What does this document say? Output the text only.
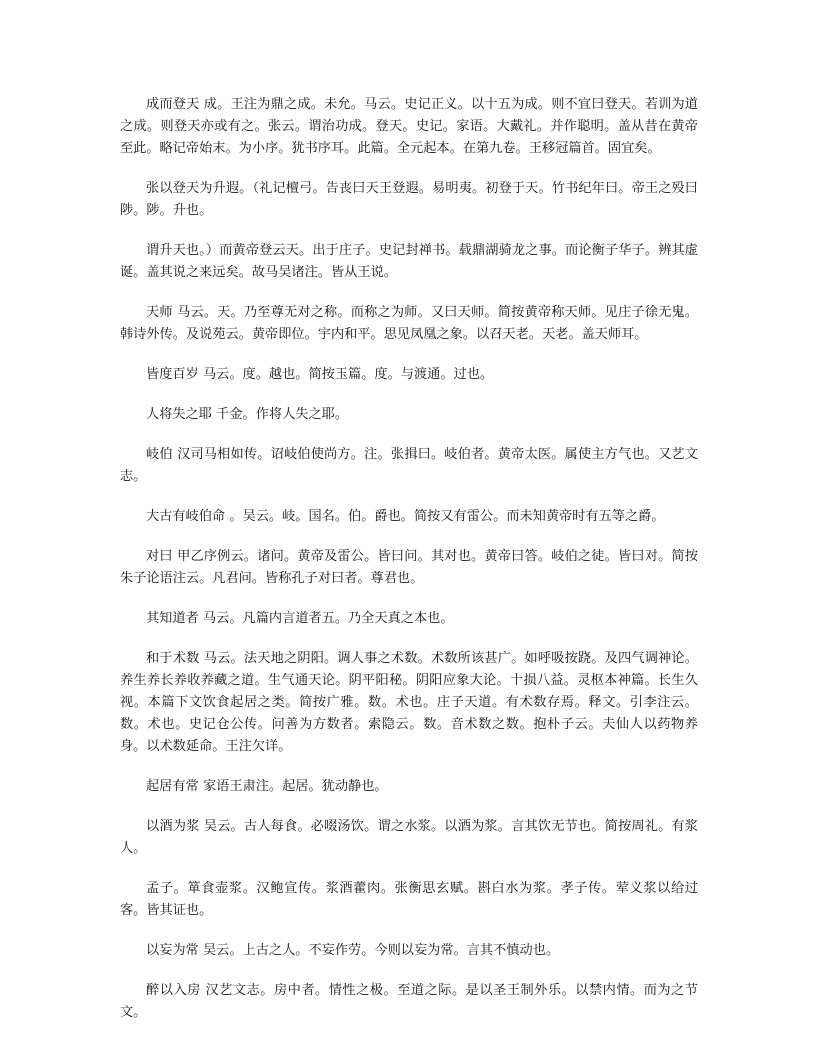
成而登天 成。王注为鼎之成。未允。马云。史记正义。以十五为成。则不宜曰登天。若训为道之成。则登天亦或有之。张云。谓治功成。登天。史记。家语。大戴礼。并作聪明。盖从昔在黄帝至此。略记帝始末。为小序。犹书序耳。此篇。全元起本。在第九卷。王移冠篇首。固宜矣。

张以登天为升遐。（礼记檀弓。告丧曰天王登遐。易明夷。初登于天。竹书纪年曰。帝王之殁曰陟。陟。升也。

谓升天也。）而黄帝登云天。出于庄子。史记封禅书。载鼎湖骑龙之事。而论衡子华子。辨其虚诞。盖其说之来远矣。故马吴诸注。皆从王说。

天师 马云。天。乃至尊无对之称。而称之为师。又曰天师。简按黄帝称天师。见庄子徐无鬼。韩诗外传。及说苑云。黄帝即位。宇内和平。思见凤凰之象。以召天老。天老。盖天师耳。

皆度百岁 马云。度。越也。简按玉篇。度。与渡通。过也。

人将失之耶 千金。作将人失之耶。

岐伯 汉司马相如传。诏岐伯使尚方。注。张揖曰。岐伯者。黄帝太医。属使主方气也。又艺文志。

大古有岐伯命 。吴云。岐。国名。伯。爵也。简按又有雷公。而未知黄帝时有五等之爵。

对曰 甲乙序例云。诸问。黄帝及雷公。皆曰问。其对也。黄帝曰答。岐伯之徒。皆曰对。简按朱子论语注云。凡君问。皆称孔子对曰者。尊君也。

其知道者 马云。凡篇内言道者五。乃全天真之本也。

和于术数 马云。法天地之阴阳。调人事之术数。术数所该甚广。如呼吸按跷。及四气调神论。养生养长养收养藏之道。生气通天论。阴平阳秘。阴阳应象大论。十损八益。灵枢本神篇。长生久视。本篇下文饮食起居之类。简按广雅。数。术也。庄子天道。有术数存焉。释文。引李注云。数。术也。史记仓公传。问善为方数者。索隐云。数。音术数之数。抱朴子云。夫仙人以药物养身。以术数延命。王注欠详。

起居有常 家语王肃注。起居。犹动静也。

以酒为浆 吴云。古人每食。必啜汤饮。谓之水浆。以酒为浆。言其饮无节也。简按周礼。有浆人。

孟子。箪食壶浆。汉鲍宣传。浆酒藿肉。张衡思玄赋。斟白水为浆。孝子传。荤义浆以给过客。皆其证也。

以妄为常 吴云。上古之人。不妄作劳。今则以妄为常。言其不慎动也。

醉以入房 汉艺文志。房中者。情性之极。至道之际。是以圣王制外乐。以禁内情。而为之节文。
